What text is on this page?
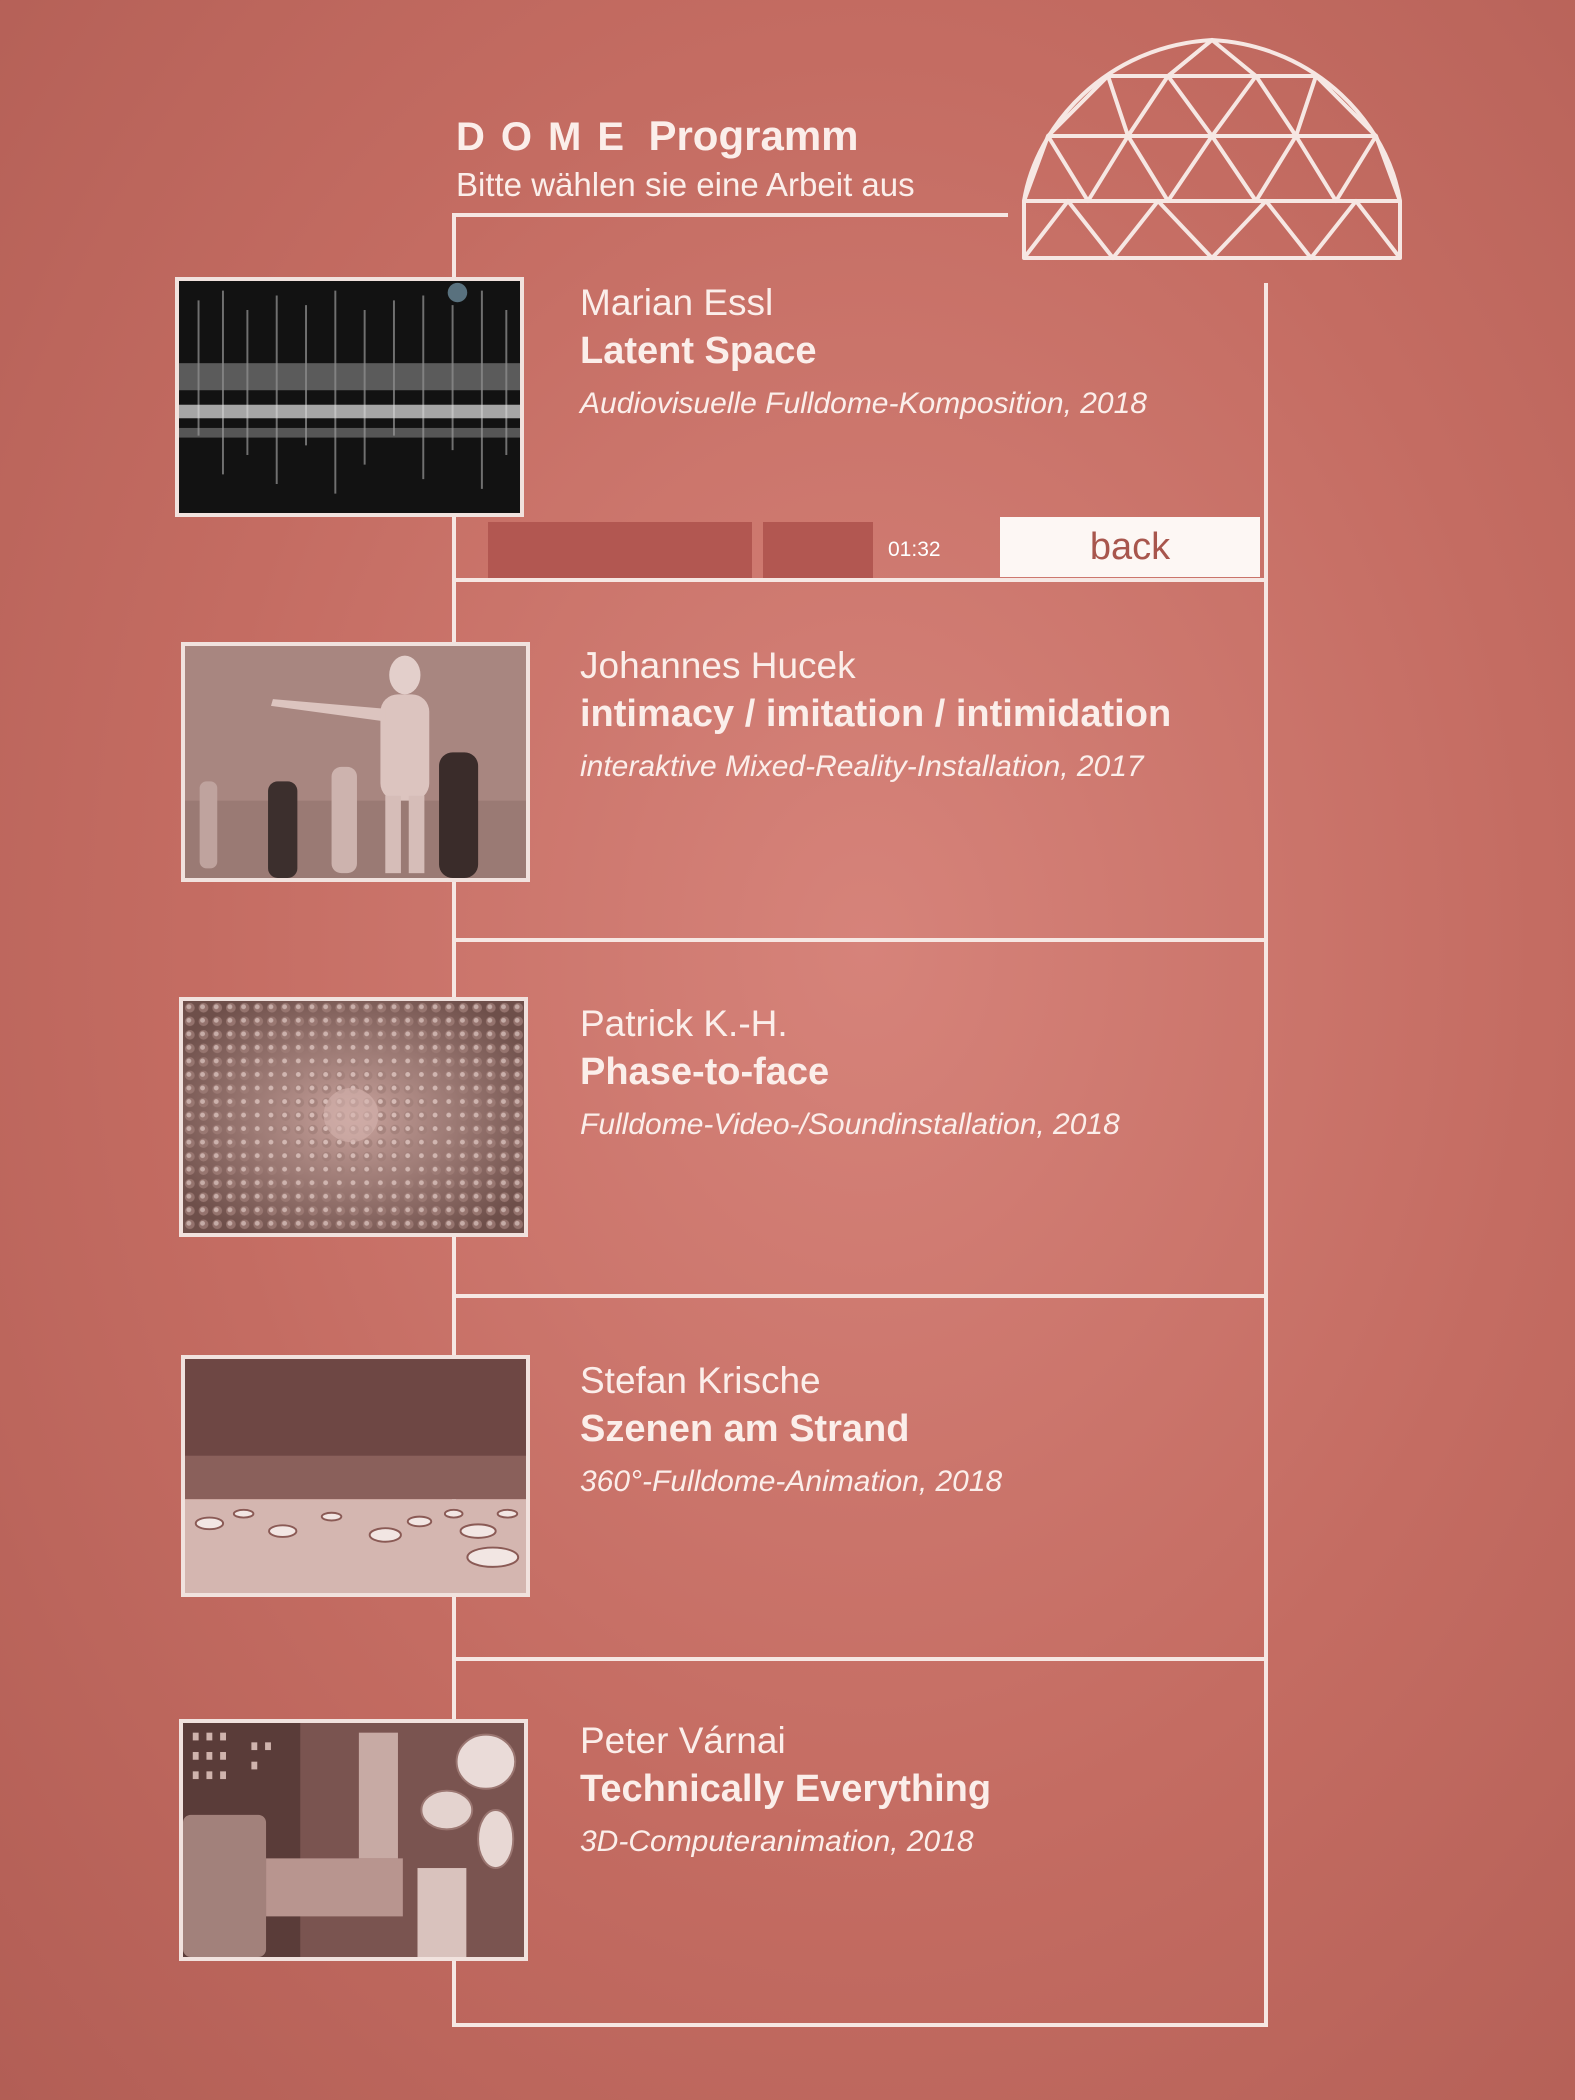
DOME Programm
Bitte wählen sie eine Arbeit aus
01:32	back
Marian Essl
Latent Space
Audiovisuelle Fulldome-Komposition, 2018
Johannes Hucek
intimacy / imitation / intimidation
interaktive Mixed-Reality-Installation, 2017
Patrick K.-H.
Phase-to-face
Fulldome-Video-/Soundinstallation, 2018
Stefan Krische
Szenen am Strand
360°-Fulldome-Animation, 2018
Peter Várnai
Technically Everything
3D-Computeranimation, 2018
